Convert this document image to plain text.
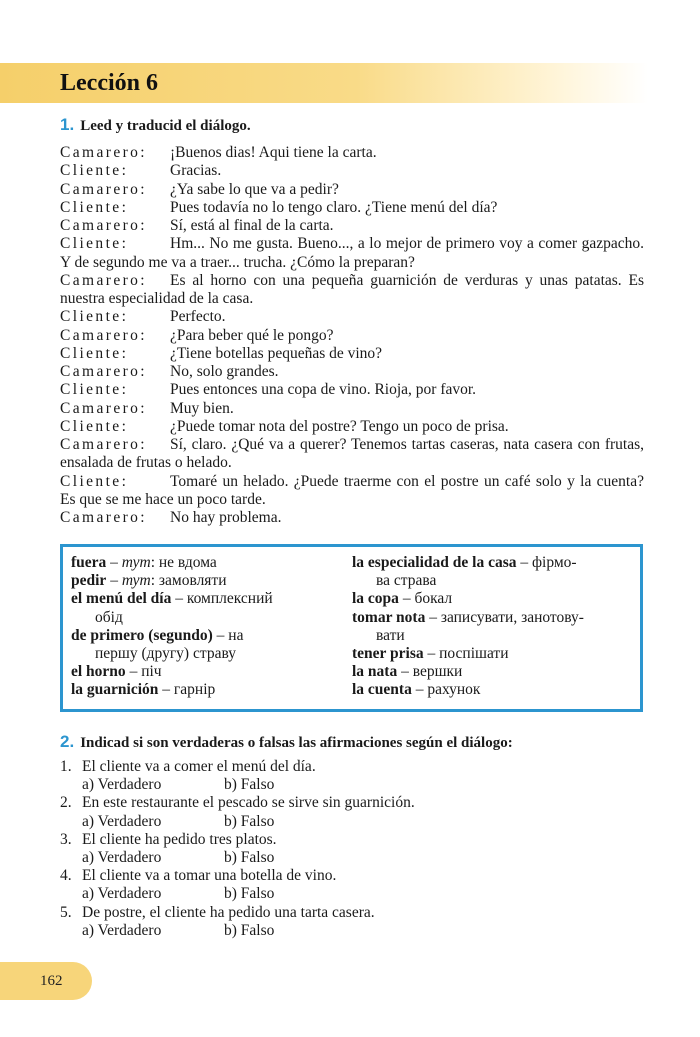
Lección 6
1. Leed y traducid el diálogo.
Camarero: ¡Buenos dias! Aqui tiene la carta.
Cliente:	Gracias.
Camarero: ¿Ya sabe lo que va a pedir?
Cliente:	Pues todavía no lo tengo claro. ¿Tiene menú del día?
Camarero: Sí, está al final de la carta.
Cliente:	Hm... No me gusta. Bueno..., a lo mejor de primero voy a comer gazpacho. Y de segundo me va a traer... trucha. ¿Cómo la preparan?
Camarero: Es al horno con una pequeña guarnición de verduras y unas patatas. Es nuestra especialidad de la casa.
Cliente:	Perfecto.
Camarero: ¿Para beber qué le pongo?
Cliente:	¿Tiene botellas pequeñas de vino?
Camarero: No, solo grandes.
Cliente:	Pues entonces una copa de vino. Rioja, por favor.
Camarero: Muy bien.
Cliente:	¿Puede tomar nota del postre? Tengo un poco de prisa.
Camarero: Sí, claro. ¿Qué va a querer? Tenemos tartas caseras, nata casera con frutas, ensalada de frutas o helado.
Cliente:	Tomaré un helado. ¿Puede traerme con el postre un café solo y la cuenta? Es que se me hace un poco tarde.
Camarero: No hay problema.
fuera – тут: не вдома
pedir – тут: замовляти
el menú del día – комплексний
обід
de primero (segundo) – на
першу (другу) страву
el horno – піч
la guarnición – гарнір
la especialidad de la casa – фірмо-
ва страва
la copa – бокал
tomar nota – записувати, занотову-
вати
tener prisa – поспішати
la nata – вершки
la cuenta – рахунок
2. Indicad si son verdaderas o falsas las afirmaciones según el diálogo:
1. El cliente va a comer el menú del día.
a) Verdadero	b) Falso
2. En este restaurante el pescado se sirve sin guarnición.
a) Verdadero	b) Falso
3. El cliente ha pedido tres platos.
a) Verdadero	b) Falso
4. El cliente va a tomar una botella de vino.
a) Verdadero	b) Falso
5. De postre, el cliente ha pedido una tarta casera.
a) Verdadero	b) Falso
162
